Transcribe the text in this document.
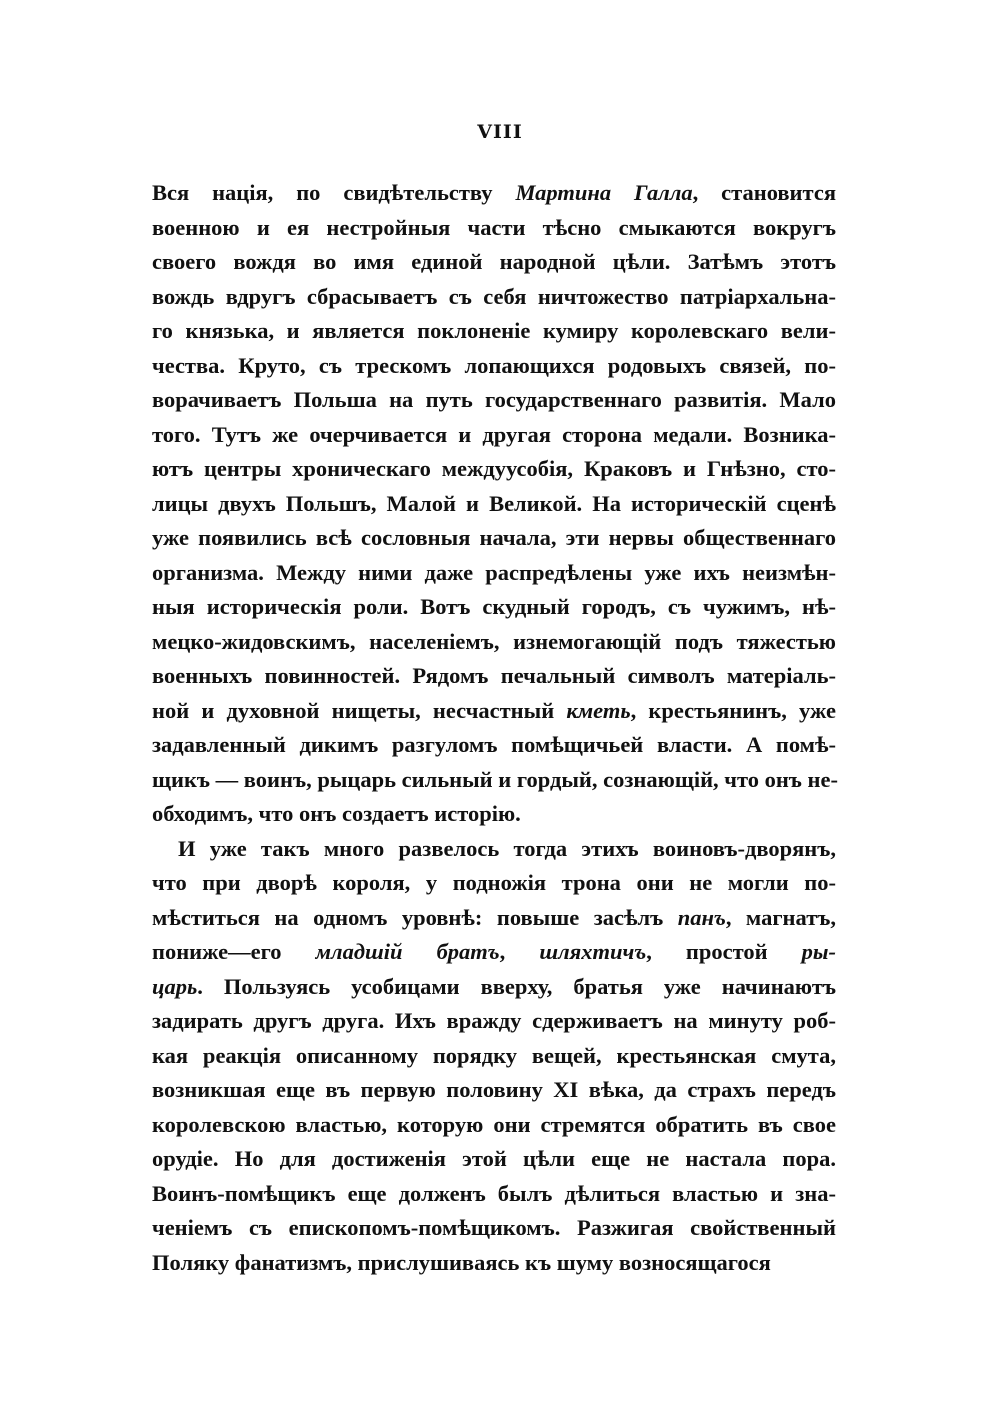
VIII
Вся нація, по свидѣтельству Мартина Галла, становится
военною и ея нестройныя части тѣсно смыкаются вокругъ
своего вождя во имя единой народной цѣли. Затѣмъ этотъ
вождь вдругъ сбрасываетъ съ себя ничтожество патріархальна-
го князька, и является поклоненіе кумиру королевскаго вели-
чества. Круто, съ трескомъ лопающихся родовыхъ связей, по-
ворачиваетъ Польша на путь государственнаго развитія. Мало
того. Тутъ же очерчивается и другая сторона медали. Возника-
ютъ центры хроническаго междуусобія, Краковъ и Гнѣзно, сто-
лицы двухъ Польшъ, Малой и Великой. На историческій сценѣ
уже появились всѣ сословныя начала, эти нервы общественнаго
организма. Между ними даже распредѣлены уже ихъ неизмѣн-
ныя историческія роли. Вотъ скудный городъ, съ чужимъ, нѣ-
мецко-жидовскимъ, населеніемъ, изнемогающій подъ тяжестью
военныхъ повинностей. Рядомъ печальный символъ матеріаль-
ной и духовной нищеты, несчастный кметь, крестьянинъ, уже
задавленный дикимъ разгуломъ помѣщичьей власти. А помѣ-
щикъ — воинъ, рыцарь сильный и гордый, сознающій, что онъ не-
обходимъ, что онъ создаетъ исторію.
И уже такъ много развелось тогда этихъ воиновъ-дворянъ,
что при дворѣ короля, у подножія трона они не могли по-
мѣститься на одномъ уровнѣ: повыше засѣлъ панъ, магнатъ,
пониже—его младшій братъ, шляхтичъ, простой ры-
царь. Пользуясь усобицами вверху, братья уже начинаютъ
задирать другъ друга. Ихъ вражду сдерживаетъ на минуту роб-
кая реакція описанному порядку вещей, крестьянская смута,
возникшая еще въ первую половину XI вѣка, да страхъ передъ
королевскою властью, которую они стремятся обратить въ свое
орудіе. Но для достиженія этой цѣли еще не настала пора.
Воинъ-помѣщикъ еще долженъ былъ дѣлиться властью и зна-
ченіемъ съ епископомъ-помѣщикомъ. Разжигая свойственный
Поляку фанатизмъ, прислушиваясь къ шуму возносящагося
